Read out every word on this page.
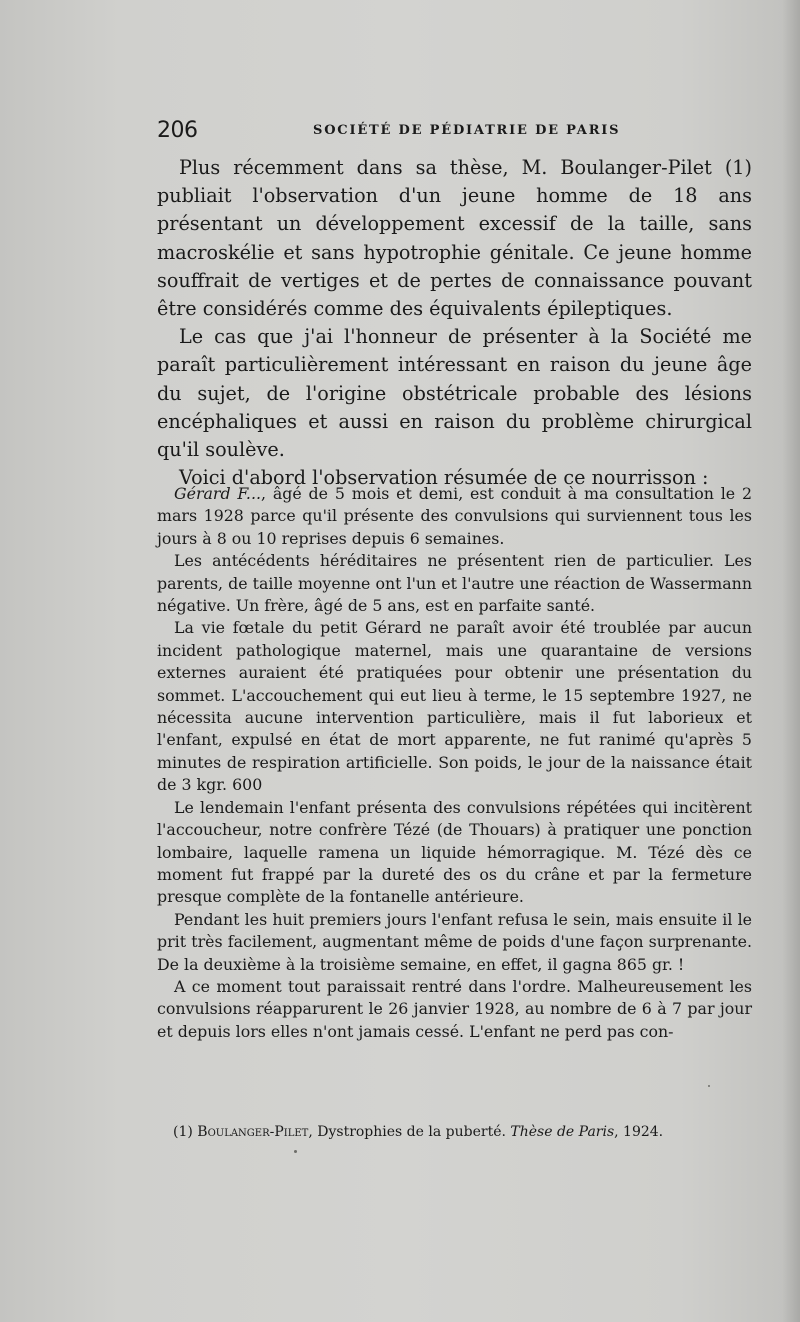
206	SOCIÉTÉ DE PÉDIATRIE DE PARIS

Plus récemment dans sa thèse, M. Boulanger-Pilet (1) publiait l'observation d'un jeune homme de 18 ans présentant un développement excessif de la taille, sans macroskélie et sans hypotrophie génitale. Ce jeune homme souffrait de vertiges et de pertes de connaissance pouvant être considérés comme des équivalents épileptiques.

Le cas que j'ai l'honneur de présenter à la Société me paraît particulièrement intéressant en raison du jeune âge du sujet, de l'origine obstétricale probable des lésions encéphaliques et aussi en raison du problème chirurgical qu'il soulève.

Voici d'abord l'observation résumée de ce nourrisson :

Gérard F..., âgé de 5 mois et demi, est conduit à ma consultation le 2 mars 1928 parce qu'il présente des convulsions qui surviennent tous les jours à 8 ou 10 reprises depuis 6 semaines.

Les antécédents héréditaires ne présentent rien de particulier. Les parents, de taille moyenne ont l'un et l'autre une réaction de Wassermann négative. Un frère, âgé de 5 ans, est en parfaite santé.

La vie fœtale du petit Gérard ne paraît avoir été troublée par aucun incident pathologique maternel, mais une quarantaine de versions externes auraient été pratiquées pour obtenir une présentation du sommet. L'accouchement qui eut lieu à terme, le 15 septembre 1927, ne nécessita aucune intervention particulière, mais il fut laborieux et l'enfant, expulsé en état de mort apparente, ne fut ranimé qu'après 5 minutes de respiration artificielle. Son poids, le jour de la naissance était de 3 kgr. 600

Le lendemain l'enfant présenta des convulsions répétées qui incitèrent l'accoucheur, notre confrère Tézé (de Thouars) à pratiquer une ponction lombaire, laquelle ramena un liquide hémorragique. M. Tézé dès ce moment fut frappé par la dureté des os du crâne et par la fermeture presque complète de la fontanelle antérieure.

Pendant les huit premiers jours l'enfant refusa le sein, mais ensuite il le prit très facilement, augmentant même de poids d'une façon surprenante. De la deuxième à la troisième semaine, en effet, il gagna 865 gr. !

A ce moment tout paraissait rentré dans l'ordre. Malheureusement les convulsions réapparurent le 26 janvier 1928, au nombre de 6 à 7 par jour et depuis lors elles n'ont jamais cessé. L'enfant ne perd pas con-

(1) Boulanger-Pilet, Dystrophies de la puberté. Thèse de Paris, 1924.
